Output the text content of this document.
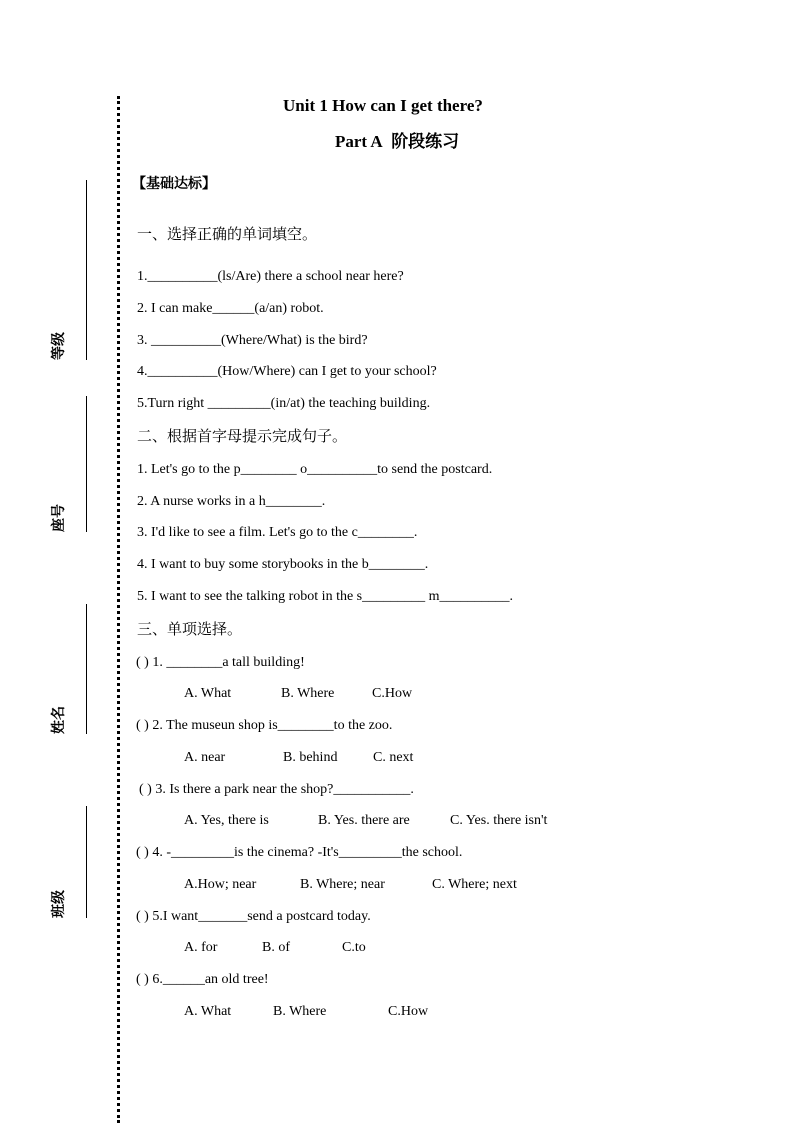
等级
座号
姓名
班级
Unit 1 How can I get there?
Part A 阶段练习
【基础达标】
一、选择正确的单词填空。
1.__________(ls/Are) there a school near here?
2. I can make______(a/an) robot.
3. __________(Where/What) is the bird?
4.__________(How/Where) can I get to your school?
5.Turn right _________(in/at) the teaching building.
二、根据首字母提示完成句子。
1. Let's go to the p________ o__________to send the postcard.
2. A nurse works in a h________.
3. I'd like to see a film. Let's go to the c________.
4. I want to buy some storybooks in the b________.
5. I want to see the talking robot in the s_________ m__________.
三、单项选择。
( ) 1. ________a tall building!
A. What	B. Where	C.How
( ) 2. The museun shop is________to the zoo.
A. near	B. behind	C. next
( ) 3. Is there a park near the shop?___________.
A. Yes, there is	B. Yes. there are	C. Yes. there isn't
( ) 4. -_________is the cinema? -It's_________the school.
A.How; near	B. Where; near	C. Where; next
( ) 5.I want_______send a postcard today.
A. for	B. of	C.to
( ) 6.______an old tree!
A. What	B. Where	C.How
